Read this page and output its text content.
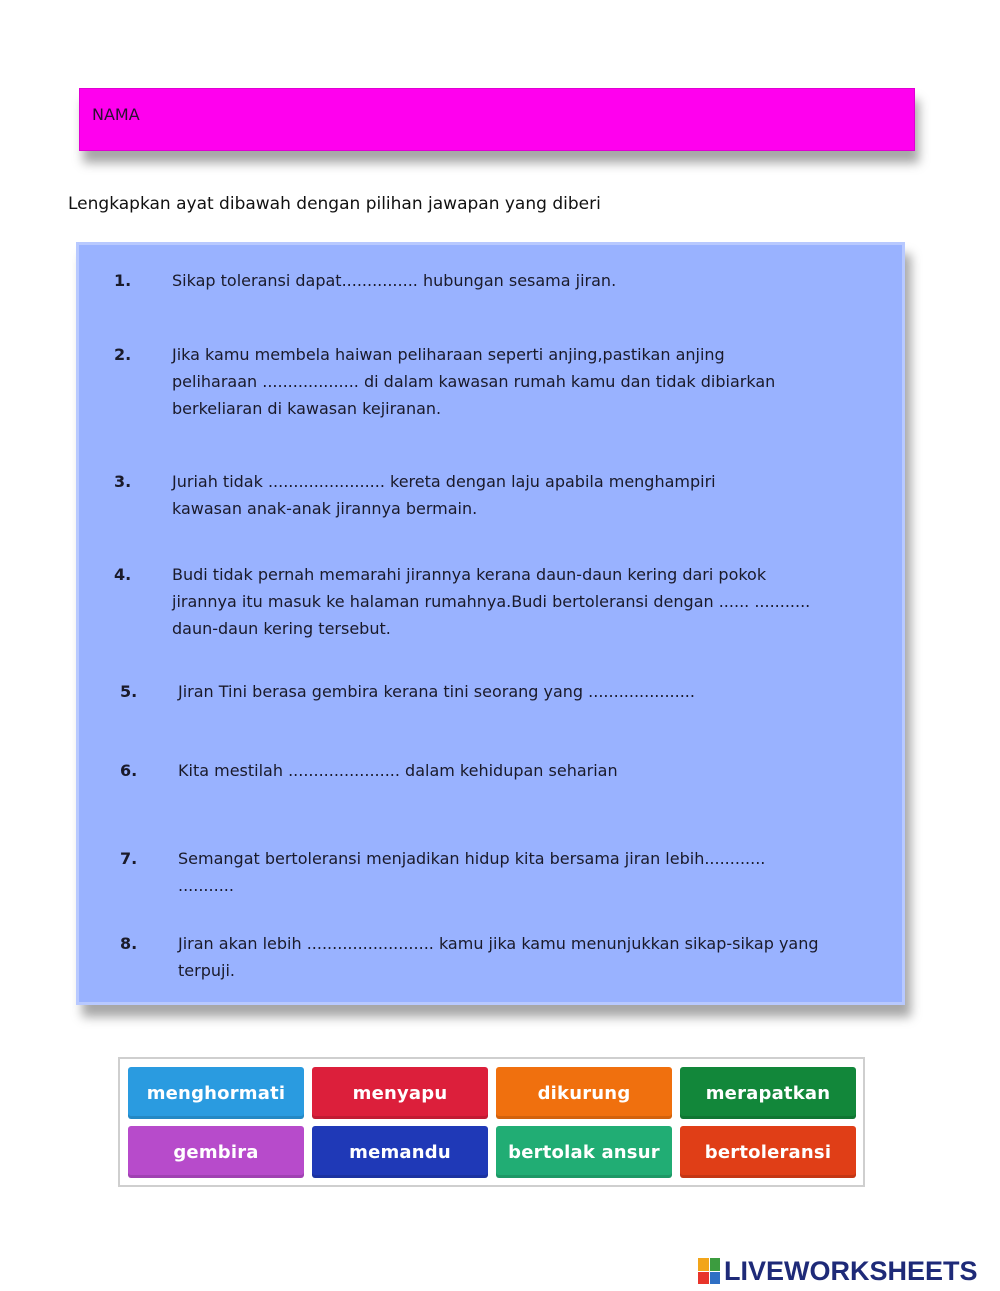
NAMA
Lengkapkan ayat dibawah dengan pilihan jawapan yang diberi
1.	Sikap toleransi dapat............... hubungan sesama jiran.
2.	Jika kamu membela haiwan peliharaan seperti anjing,pastikan anjing peliharaan ................... di dalam kawasan rumah kamu dan tidak dibiarkan berkeliaran di kawasan kejiranan.
3.	Juriah tidak ....................... kereta dengan laju apabila menghampiri kawasan anak-anak jirannya bermain.
4.	Budi tidak pernah memarahi jirannya kerana daun-daun kering dari pokok jirannya itu masuk ke halaman rumahnya.Budi bertoleransi dengan ...... ........... daun-daun kering tersebut.
5.	Jiran Tini berasa gembira kerana tini seorang yang .....................
6.	Kita mestilah ...................... dalam kehidupan seharian
7.	Semangat bertoleransi menjadikan hidup kita bersama jiran lebih............ ...........
8.	Jiran akan lebih ......................... kamu jika kamu menunjukkan sikap-sikap yang terpuji.
menghormati	menyapu	dikurung	merapatkan
gembira	memandu	bertolak ansur	bertoleransi
LIVEWORKSHEETS
